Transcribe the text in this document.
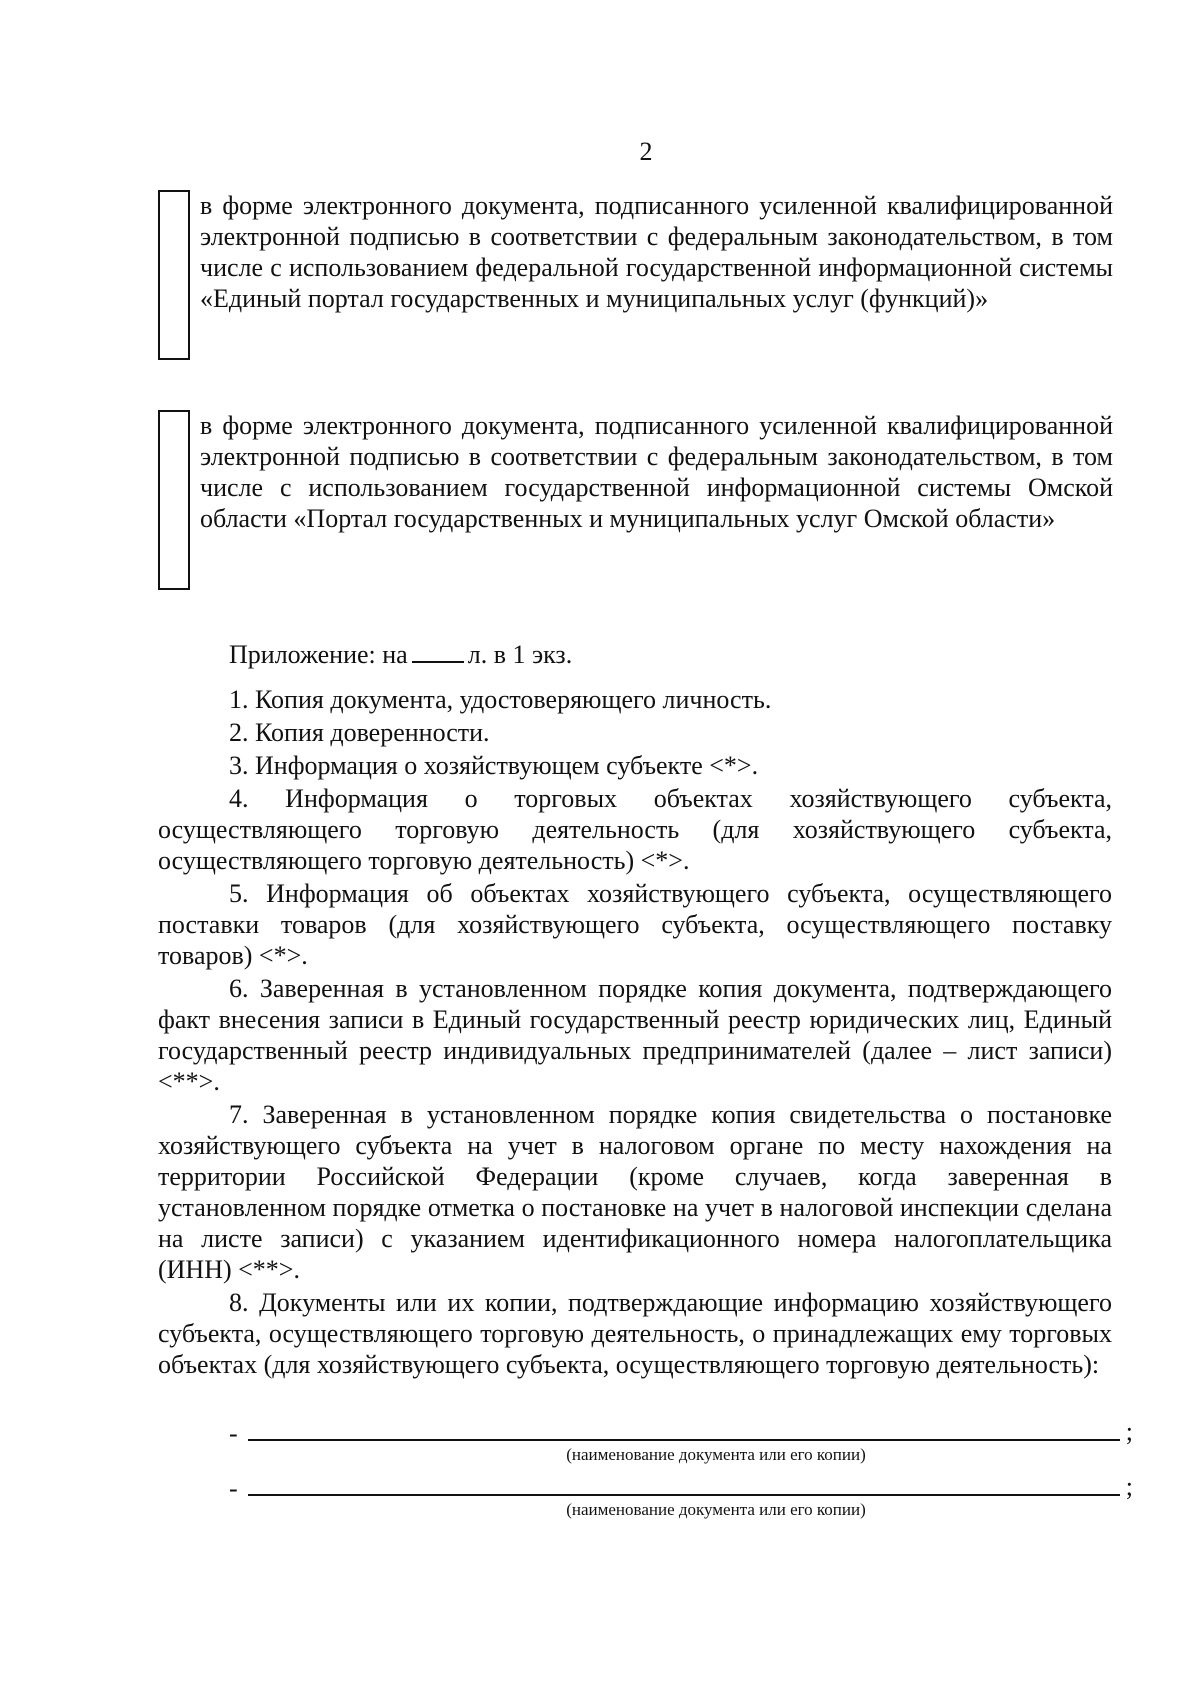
2
в форме электронного документа, подписанного усиленной квалифицированной электронной подписью в соответствии с федеральным законодательством, в том числе с использованием федеральной государственной информационной системы «Единый портал государственных и муниципальных услуг (функций)»
в форме электронного документа, подписанного усиленной квалифицированной электронной подписью в соответствии с федеральным законодательством, в том числе с использованием государственной информационной системы Омской области «Портал государственных и муниципальных услуг Омской области»
Приложение: на л. в 1 экз.

1. Копия документа, удостоверяющего личность.

2. Копия доверенности.

3. Информация о хозяйствующем субъекте <*>.

4. Информация о торговых объектах хозяйствующего субъекта, осуществляющего торговую деятельность (для хозяйствующего субъекта, осуществляющего торговую деятельность) <*>.

5. Информация об объектах хозяйствующего субъекта, осуществляющего поставки товаров (для хозяйствующего субъекта, осуществляющего поставку товаров) <*>.

6. Заверенная в установленном порядке копия документа, подтверждающего факт внесения записи в Единый государственный реестр юридических лиц, Единый государственный реестр индивидуальных предпринимателей (далее – лист записи) <**>.

7. Заверенная в установленном порядке копия свидетельства о постановке хозяйствующего субъекта на учет в налоговом органе по месту нахождения на территории Российской Федерации (кроме случаев, когда заверенная в установленном порядке отметка о постановке на учет в налоговой инспекции сделана на листе записи) с указанием идентификационного номера налогоплательщика (ИНН) <**>.

8. Документы или их копии, подтверждающие информацию хозяйствующего субъекта, осуществляющего торговую деятельность, о принадлежащих ему торговых объектах (для хозяйствующего субъекта, осуществляющего торговую деятельность):

-	;
(наименование документа или его копии)
-	;
(наименование документа или его копии)
